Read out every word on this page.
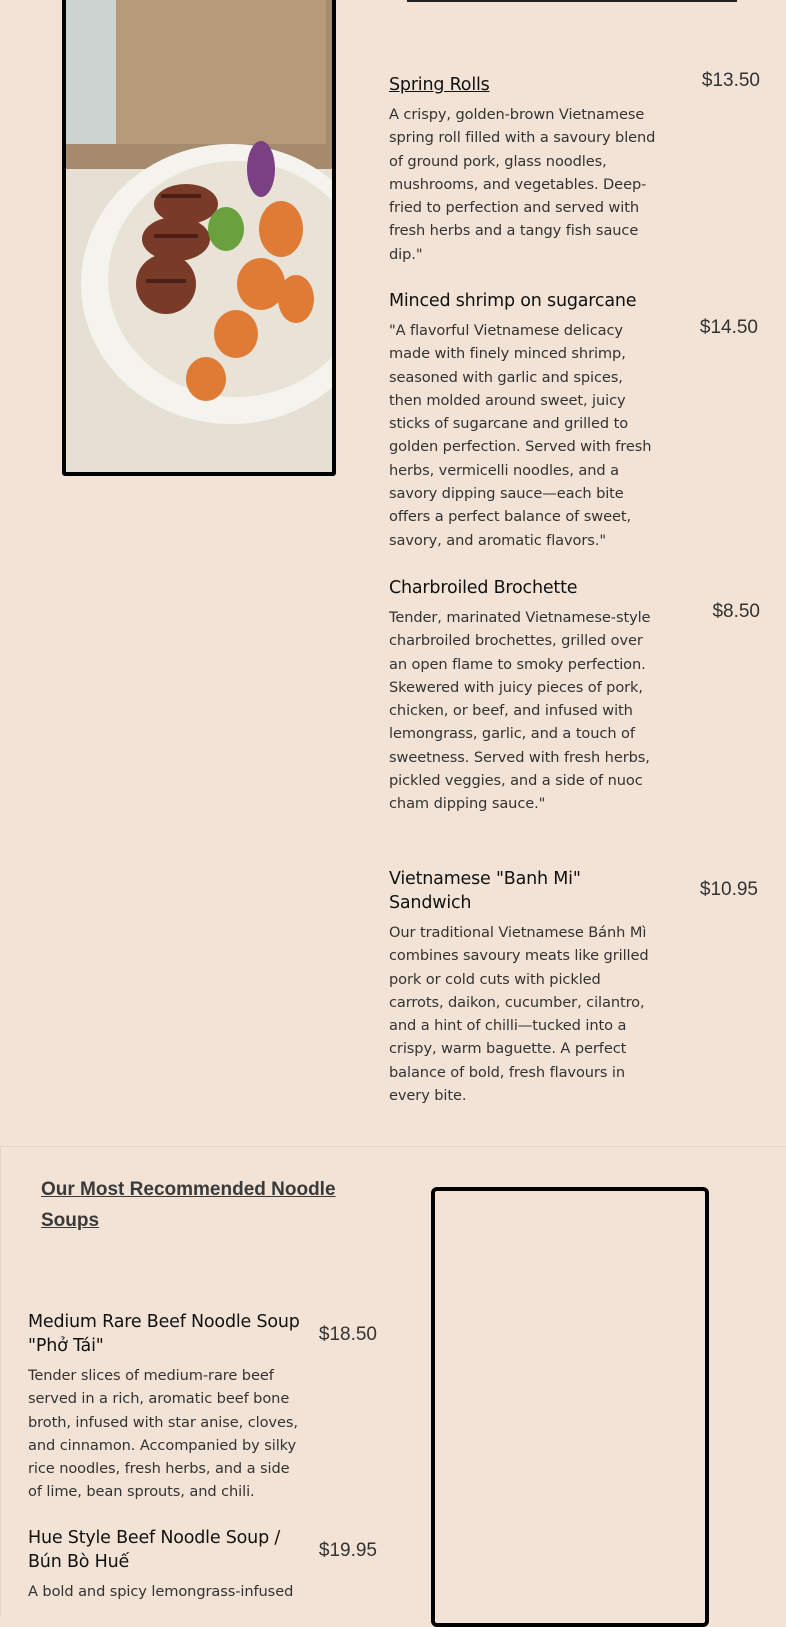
Spring Rolls	$13.50

A crispy, golden-brown Vietnamese spring roll filled with a savoury blend of ground pork, glass noodles, mushrooms, and vegetables. Deep-fried to perfection and served with fresh herbs and a tangy fish sauce dip."

Minced shrimp on sugarcane
$14.50

"A flavorful Vietnamese delicacy made with finely minced shrimp, seasoned with garlic and spices, then molded around sweet, juicy sticks of sugarcane and grilled to golden perfection. Served with fresh herbs, vermicelli noodles, and a savory dipping sauce—each bite offers a perfect balance of sweet, savory, and aromatic flavors."

Charbroiled Brochette
$8.50

Tender, marinated Vietnamese-style charbroiled brochettes, grilled over an open flame to smoky perfection. Skewered with juicy pieces of pork, chicken, or beef, and infused with lemongrass, garlic, and a touch of sweetness. Served with fresh herbs, pickled veggies, and a side of nuoc cham dipping sauce."

Vietnamese "Banh Mi" Sandwich
$10.95

Our traditional Vietnamese Bánh Mì combines savoury meats like grilled pork or cold cuts with pickled carrots, daikon, cucumber, cilantro, and a hint of chilli—tucked into a crispy, warm baguette. A perfect balance of bold, fresh flavours in every bite.

Our Most Recommended Noodle Soups
Medium Rare Beef Noodle Soup "Phở Tái"
$18.50

Tender slices of medium-rare beef served in a rich, aromatic beef bone broth, infused with star anise, cloves, and cinnamon. Accompanied by silky rice noodles, fresh herbs, and a side of lime, bean sprouts, and chili.

Hue Style Beef Noodle Soup / Bún Bò Huế
$19.95

A bold and spicy lemongrass-infused
